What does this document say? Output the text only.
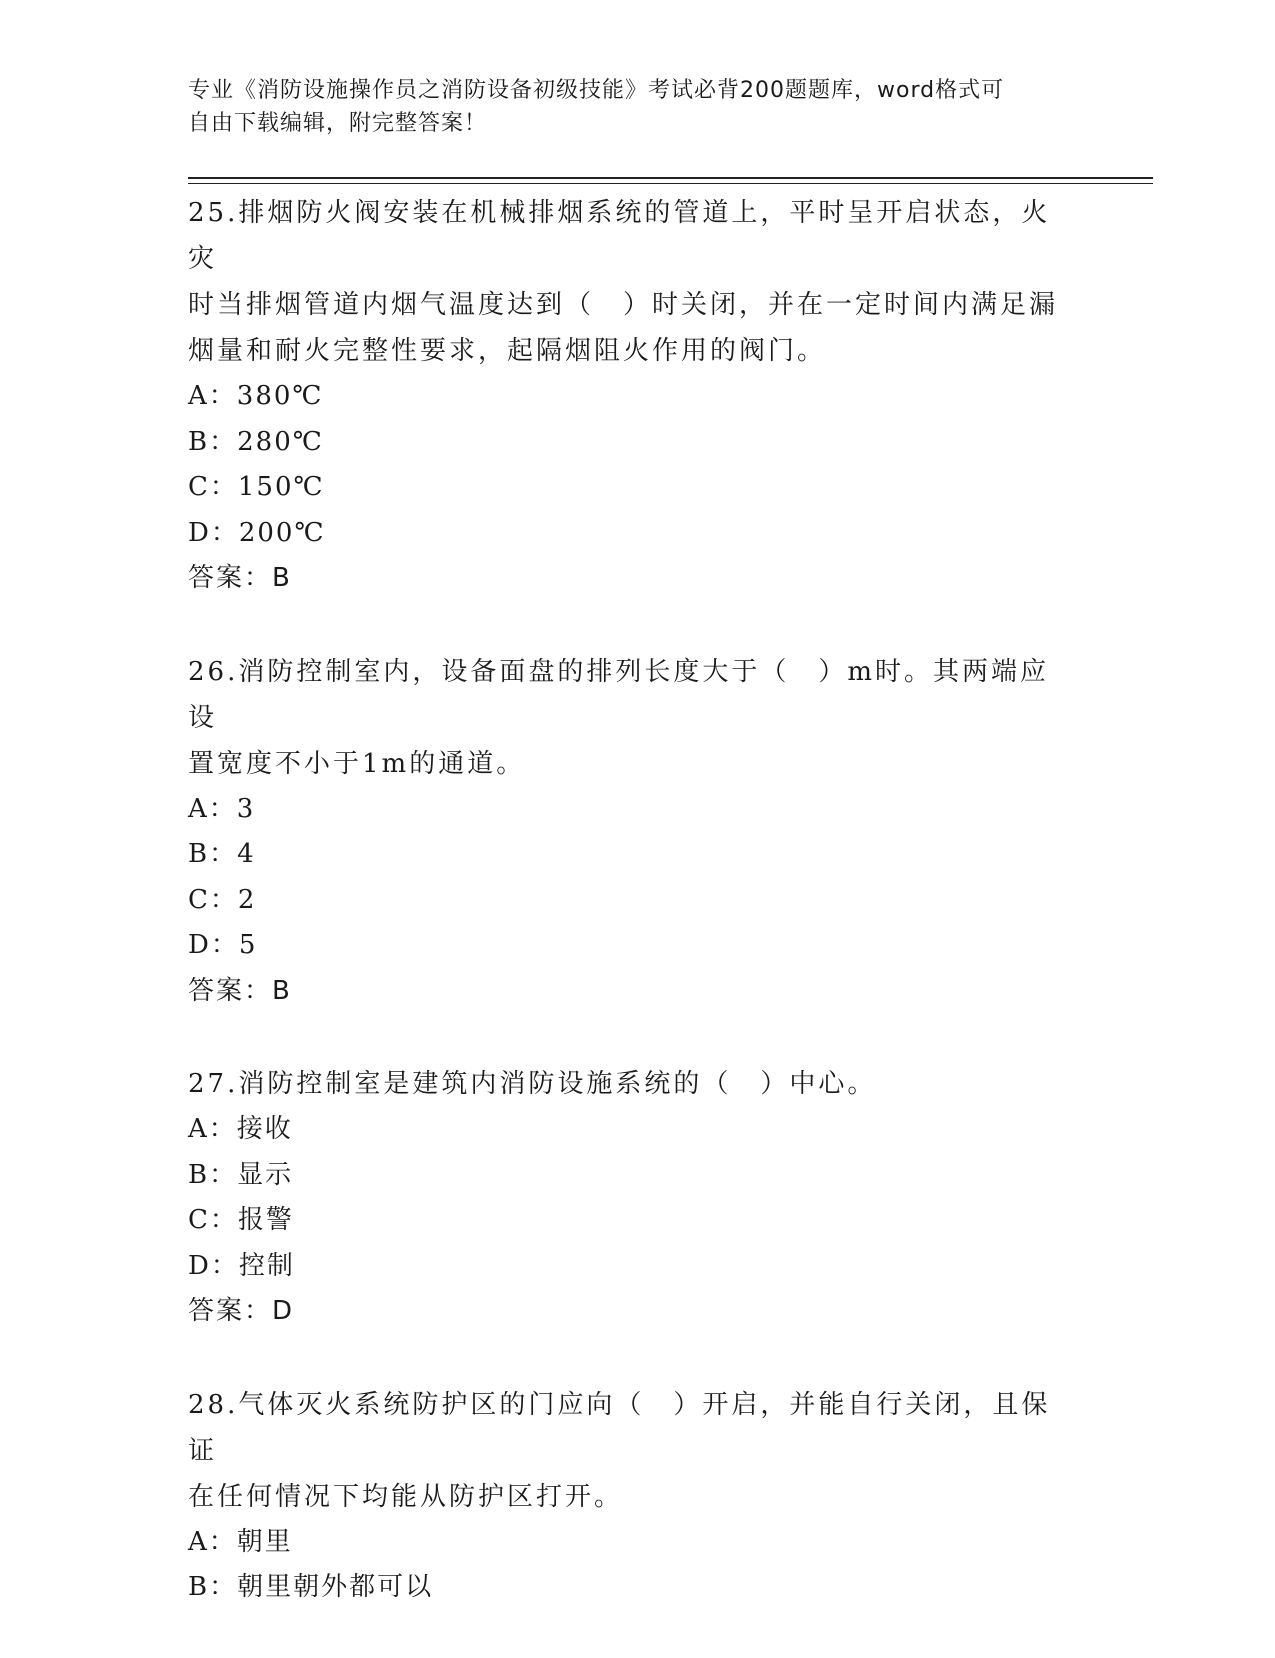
专业《消防设施操作员之消防设备初级技能》考试必背200题题库，word格式可
自由下载编辑，附完整答案！
25.排烟防火阀安装在机械排烟系统的管道上，平时呈开启状态，火灾
时当排烟管道内烟气温度达到（　）时关闭，并在一定时间内满足漏
烟量和耐火完整性要求，起隔烟阻火作用的阀门。
A：380℃
B：280℃
C：150℃
D：200℃
答案：B
26.消防控制室内，设备面盘的排列长度大于（　）m时。其两端应设
置宽度不小于1m的通道。
A：3
B：4
C：2
D：5
答案：B
27.消防控制室是建筑内消防设施系统的（　）中心。
A：接收
B：显示
C：报警
D：控制
答案：D
28.气体灭火系统防护区的门应向（　）开启，并能自行关闭，且保证
在任何情况下均能从防护区打开。
A：朝里
B：朝里朝外都可以
